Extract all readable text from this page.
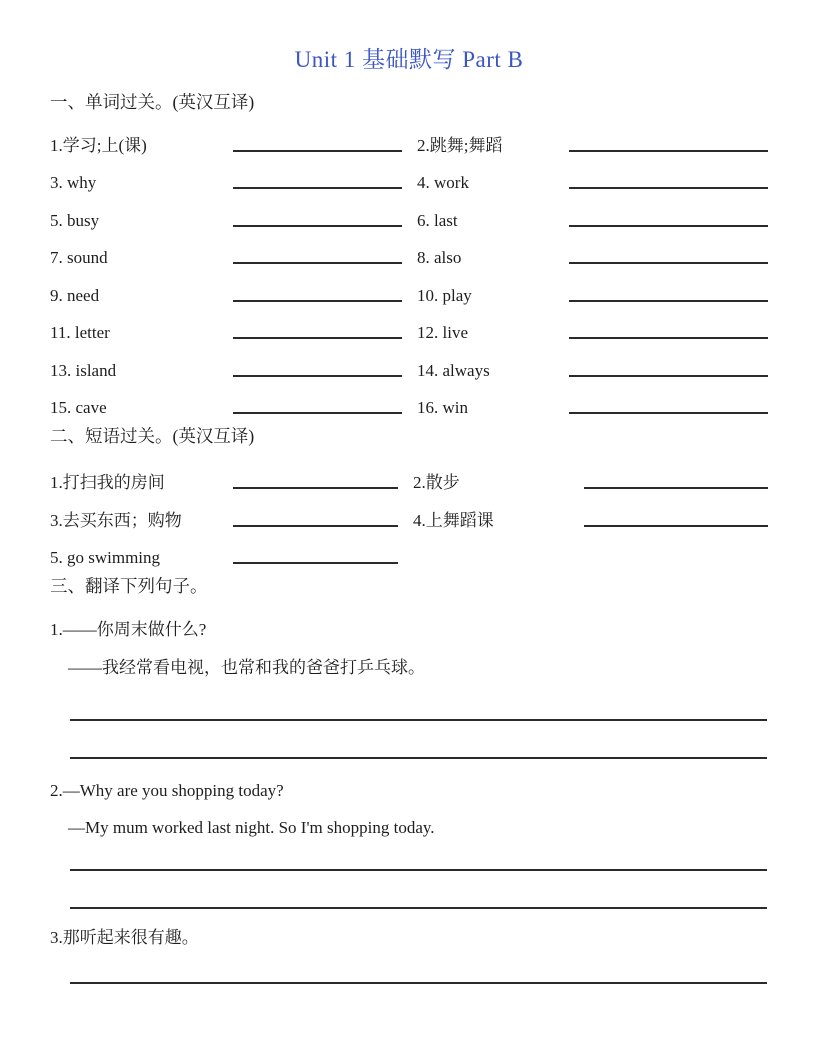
Unit 1 基础默写 Part B
一、单词过关。(英汉互译)
1.学习;上(课)	2.跳舞;舞蹈
3. why	4. work
5. busy	6. last
7. sound	8. also
9. need	10. play
11. letter	12. live
13. island	14. always
15. cave	16. win
二、短语过关。(英汉互译)
1.打扫我的房间	2.散步
3.去买东西；购物	4.上舞蹈课
5. go swimming
三、翻译下列句子。
1.——你周末做什么?
——我经常看电视，也常和我的爸爸打乒乓球。
2.—Why are you shopping today?
—My mum worked last night. So I'm shopping today.
3.那听起来很有趣。
